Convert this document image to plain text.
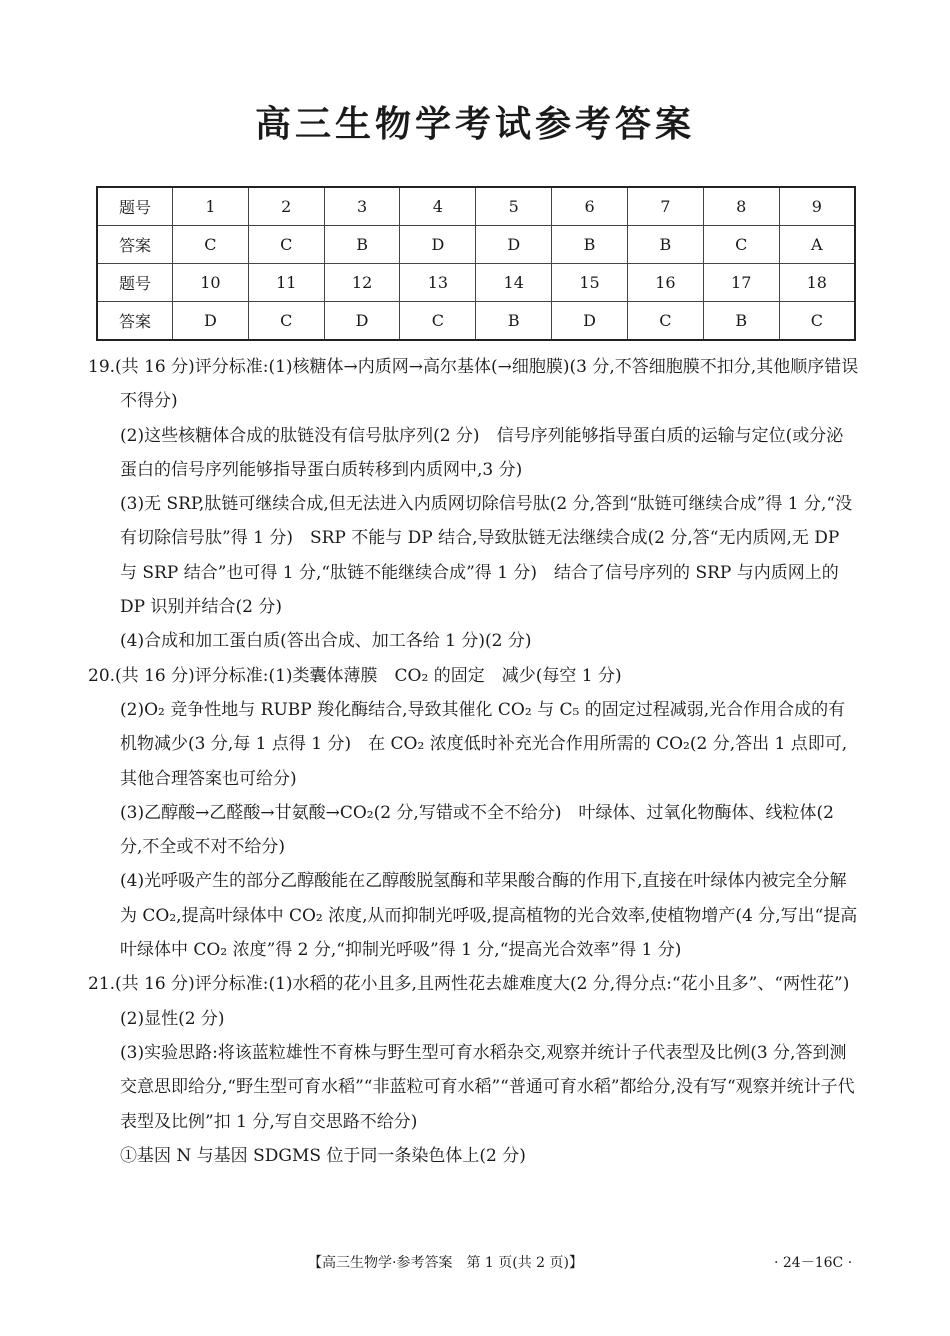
高三生物学考试参考答案
题号	1	2	3	4	5	6	7	8	9
答案	C	C	B	D	D	B	B	C	A
题号	10	11	12	13	14	15	16	17	18
答案	D	C	D	C	B	D	C	B	C
19.(共 16 分)评分标准:(1)核糖体→内质网→高尔基体(→细胞膜)(3 分,不答细胞膜不扣分,其他顺序错误不得分)
(2)这些核糖体合成的肽链没有信号肽序列(2 分)　信号序列能够指导蛋白质的运输与定位(或分泌蛋白的信号序列能够指导蛋白质转移到内质网中,3 分)
(3)无 SRP,肽链可继续合成,但无法进入内质网切除信号肽(2 分,答到“肽链可继续合成”得 1 分,“没有切除信号肽”得 1 分)　SRP 不能与 DP 结合,导致肽链无法继续合成(2 分,答“无内质网,无 DP 与 SRP 结合”也可得 1 分,“肽链不能继续合成”得 1 分)　结合了信号序列的 SRP 与内质网上的 DP 识别并结合(2 分)
(4)合成和加工蛋白质(答出合成、加工各给 1 分)(2 分)
20.(共 16 分)评分标准:(1)类囊体薄膜　CO₂ 的固定　减少(每空 1 分)
(2)O₂ 竞争性地与 RUBP 羧化酶结合,导致其催化 CO₂ 与 C₅ 的固定过程减弱,光合作用合成的有机物减少(3 分,每 1 点得 1 分)　在 CO₂ 浓度低时补充光合作用所需的 CO₂(2 分,答出 1 点即可,其他合理答案也可给分)
(3)乙醇酸→乙醛酸→甘氨酸→CO₂(2 分,写错或不全不给分)　叶绿体、过氧化物酶体、线粒体(2 分,不全或不对不给分)
(4)光呼吸产生的部分乙醇酸能在乙醇酸脱氢酶和苹果酸合酶的作用下,直接在叶绿体内被完全分解为 CO₂,提高叶绿体中 CO₂ 浓度,从而抑制光呼吸,提高植物的光合效率,使植物增产(4 分,写出“提高叶绿体中 CO₂ 浓度”得 2 分,“抑制光呼吸”得 1 分,“提高光合效率”得 1 分)
21.(共 16 分)评分标准:(1)水稻的花小且多,且两性花去雄难度大(2 分,得分点:“花小且多”、“两性花”)
(2)显性(2 分)
(3)实验思路:将该蓝粒雄性不育株与野生型可育水稻杂交,观察并统计子代表型及比例(3 分,答到测交意思即给分,“野生型可育水稻”“非蓝粒可育水稻”“普通可育水稻”都给分,没有写“观察并统计子代表型及比例”扣 1 分,写自交思路不给分)
①基因 N 与基因 SDGMS 位于同一条染色体上(2 分)
【高三生物学·参考答案　第 1 页(共 2 页)】	· 24－16C ·
